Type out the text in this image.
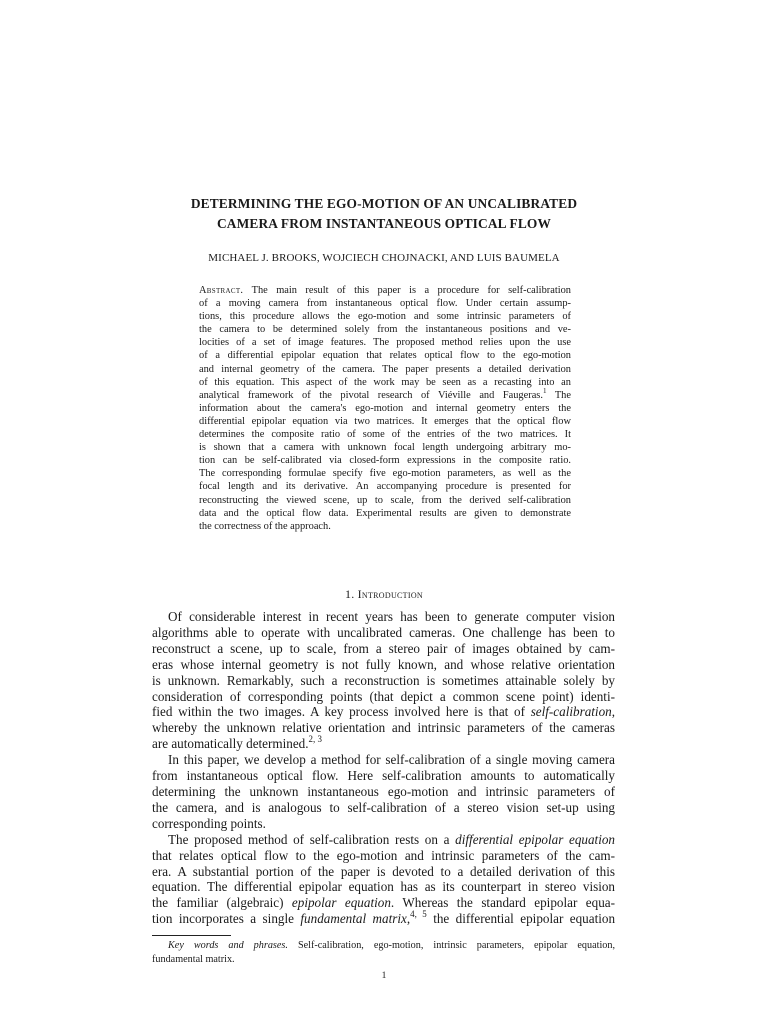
DETERMINING THE EGO-MOTION OF AN UNCALIBRATED
CAMERA FROM INSTANTANEOUS OPTICAL FLOW
MICHAEL J. BROOKS, WOJCIECH CHOJNACKI, AND LUIS BAUMELA
Abstract. The main result of this paper is a procedure for self-calibration
of a moving camera from instantaneous optical flow. Under certain assump-
tions, this procedure allows the ego-motion and some intrinsic parameters of
the camera to be determined solely from the instantaneous positions and ve-
locities of a set of image features. The proposed method relies upon the use
of a differential epipolar equation that relates optical flow to the ego-motion
and internal geometry of the camera. The paper presents a detailed derivation
of this equation. This aspect of the work may be seen as a recasting into an
analytical framework of the pivotal research of Viéville and Faugeras.$^1$ The
information about the camera's ego-motion and internal geometry enters the
differential epipolar equation via two matrices. It emerges that the optical flow
determines the composite ratio of some of the entries of the two matrices. It
is shown that a camera with unknown focal length undergoing arbitrary mo-
tion can be self-calibrated via closed-form expressions in the composite ratio.
The corresponding formulae specify five ego-motion parameters, as well as the
focal length and its derivative. An accompanying procedure is presented for
reconstructing the viewed scene, up to scale, from the derived self-calibration
data and the optical flow data. Experimental results are given to demonstrate
the correctness of the approach.
1. Introduction
Of considerable interest in recent years has been to generate computer vision
algorithms able to operate with uncalibrated cameras. One challenge has been to
reconstruct a scene, up to scale, from a stereo pair of images obtained by cam-
eras whose internal geometry is not fully known, and whose relative orientation
is unknown. Remarkably, such a reconstruction is sometimes attainable solely by
consideration of corresponding points (that depict a common scene point) identi-
fied within the two images. A key process involved here is that of self-calibration,
whereby the unknown relative orientation and intrinsic parameters of the cameras
are automatically determined.$^{2, 3}$
In this paper, we develop a method for self-calibration of a single moving camera
from instantaneous optical flow. Here self-calibration amounts to automatically
determining the unknown instantaneous ego-motion and intrinsic parameters of
the camera, and is analogous to self-calibration of a stereo vision set-up using
corresponding points.
The proposed method of self-calibration rests on a differential epipolar equation
that relates optical flow to the ego-motion and intrinsic parameters of the cam-
era. A substantial portion of the paper is devoted to a detailed derivation of this
equation. The differential epipolar equation has as its counterpart in stereo vision
the familiar (algebraic) epipolar equation. Whereas the standard epipolar equa-
tion incorporates a single fundamental matrix,$^{4, 5}$ the differential epipolar equation
Key words and phrases. Self-calibration, ego-motion, intrinsic parameters, epipolar equation,
fundamental matrix.
1
